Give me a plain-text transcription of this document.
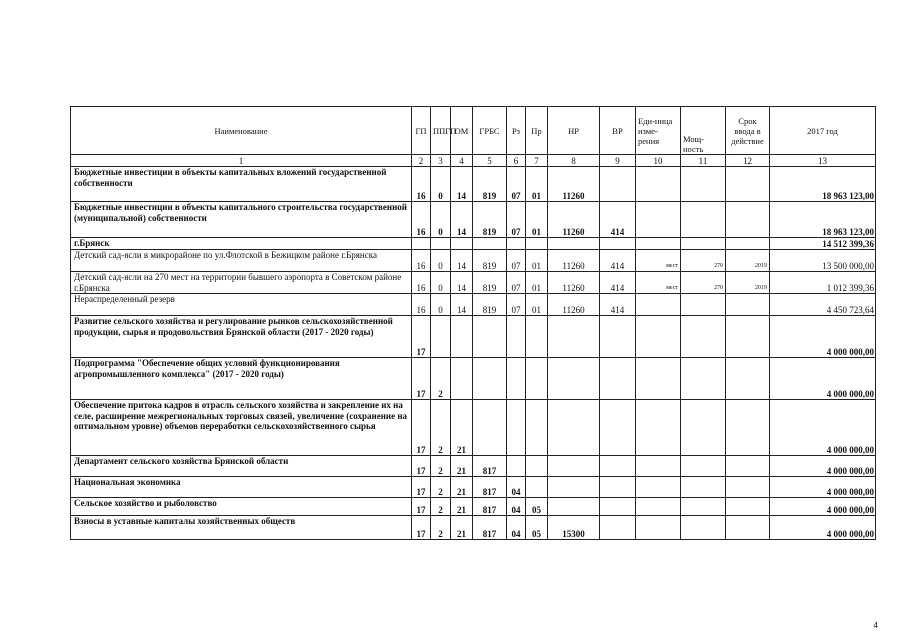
Наименование	ГП	ППГП	ОМ	ГРБС	Рз	Пр	НР	ВР	Еди-ница изме-рения	Мощ-ность	Срок ввода в действие	2017 год
1	2	3	4	5	6	7	8	9	10	11	12	13
Бюджетные инвестиции в объекты капитальных вложений государственной собственности	16	0	14	819	07	01	11260					18 963 123,00
Бюджетные инвестиции в объекты капитального строительства государственной (муниципальной) собственности	16	0	14	819	07	01	11260	414				18 963 123,00
г.Брянск												14 512 399,36
Детский сад-ясли в микрорайоне по ул.Флотской в Бежицком районе г.Брянска	16	0	14	819	07	01	11260	414	мест	270	2019	13 500 000,00
Детский сад-ясли на 270 мест на территории бывшего аэропорта в Советском районе г.Брянска	16	0	14	819	07	01	11260	414	мест	270	2019	1 012 399,36
Нераспределенный резерв	16	0	14	819	07	01	11260	414				4 450 723,64
Развитие сельского хозяйства и регулирование рынков сельскохозяйственной продукции, сырья и продовольствия Брянской области (2017 - 2020 годы)	17											4 000 000,00
Подпрограмма "Обеспечение общих условий функционирования агропромышленного комплекса" (2017 - 2020 годы)	17	2										4 000 000,00
Обеспечение притока кадров в отрасль сельского хозяйства и закрепление их на селе, расширение межрегиональных торговых связей, увеличение (сохранение на оптимальном уровне) объемов переработки сельскохозяйственного сырья	17	2	21									4 000 000,00
Департамент сельского хозяйства Брянской области	17	2	21	817								4 000 000,00
Национальная экономика	17	2	21	817	04							4 000 000,00
Сельское хозяйство и рыболовство	17	2	21	817	04	05						4 000 000,00
Взносы в уставные капиталы хозяйственных обществ	17	2	21	817	04	05	15300					4 000 000,00
4
